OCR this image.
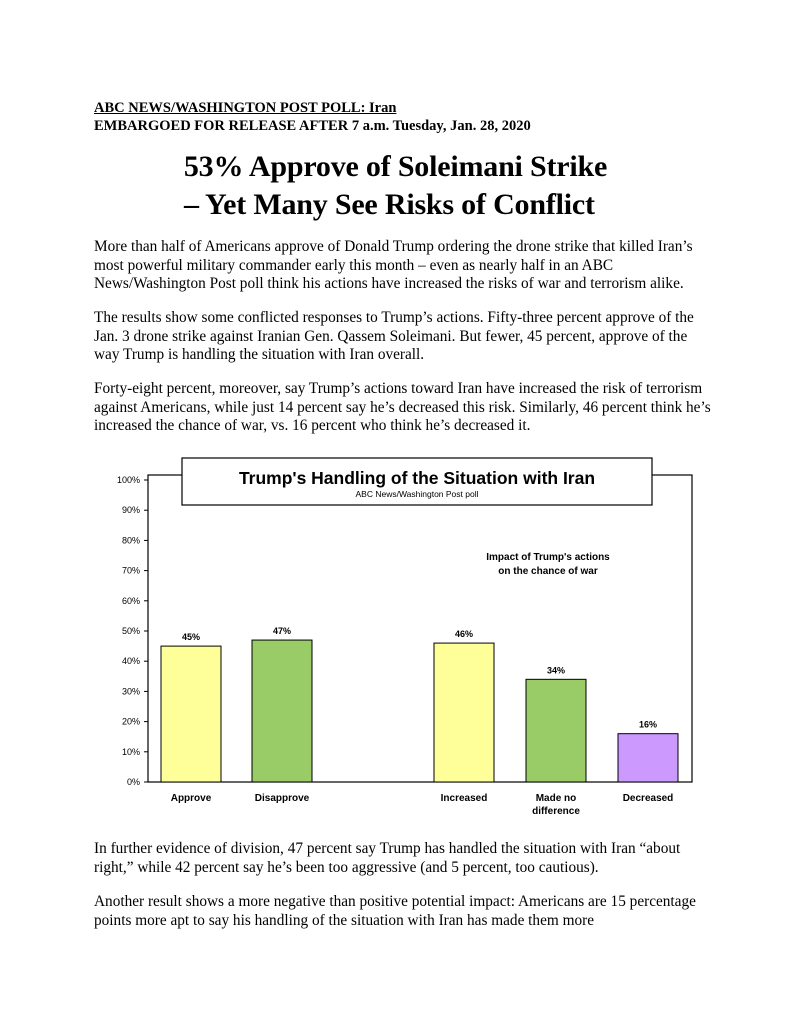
ABC NEWS/WASHINGTON POST POLL: Iran
EMBARGOED FOR RELEASE AFTER 7 a.m. Tuesday, Jan. 28, 2020
53% Approve of Soleimani Strike
– Yet Many See Risks of Conflict

More than half of Americans approve of Donald Trump ordering the drone strike that killed Iran’s most powerful military commander early this month – even as nearly half in an ABC News/Washington Post poll think his actions have increased the risks of war and terrorism alike.

The results show some conflicted responses to Trump’s actions. Fifty-three percent approve of the Jan. 3 drone strike against Iranian Gen. Qassem Soleimani. But fewer, 45 percent, approve of the way Trump is handling the situation with Iran overall.

Forty-eight percent, moreover, say Trump’s actions toward Iran have increased the risk of terrorism against Americans, while just 14 percent say he’s decreased this risk. Similarly, 46 percent think he’s increased the chance of war, vs. 16 percent who think he’s decreased it.

Trump's Handling of the Situation with Iran
ABC News/Washington Post poll
Impact of Trump's actions
on the chance of war
0%
10%
20%
30%
40%
50%
60%
70%
80%
90%
100%
45%
Approve
47%
Disapprove
46%
Increased
34%
Made no
difference
16%
Decreased

In further evidence of division, 47 percent say Trump has handled the situation with Iran “about right,” while 42 percent say he’s been too aggressive (and 5 percent, too cautious).

Another result shows a more negative than positive potential impact: Americans are 15 percentage points more apt to say his handling of the situation with Iran has made them more
